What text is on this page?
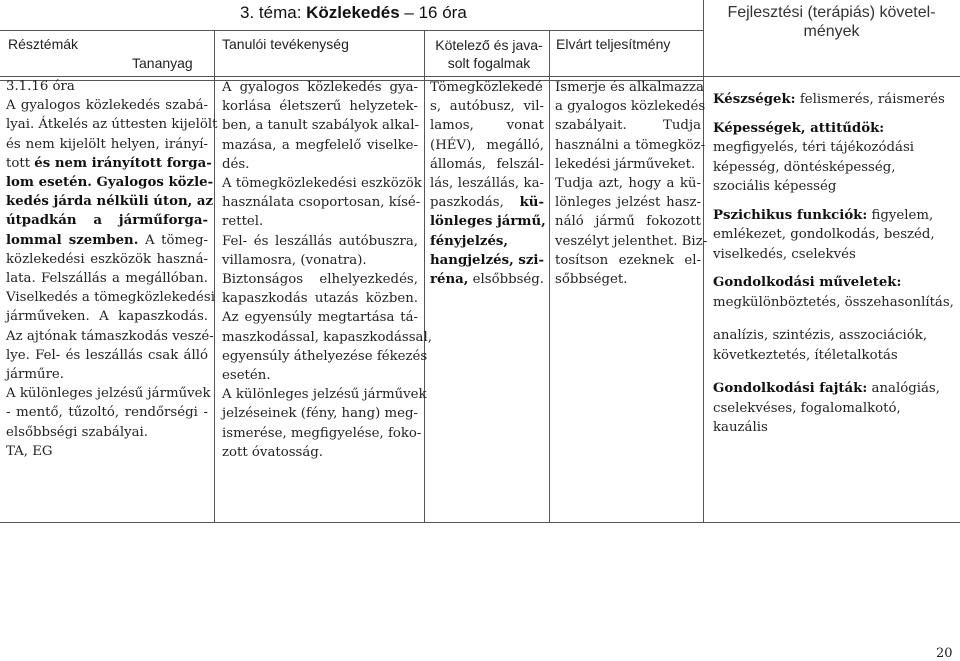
3. téma: Közlekedés – 16 óra	Fejlesztési (terápiás) követel-
mények
Résztémák
Tananyag
Tanulói tevékenység	Kötelező és java-
solt fogalmak
Elvárt teljesítmény
3.1.16 óra
A gyalogos közlekedés szabá-
lyai. Átkelés az úttesten kijelölt
és nem kijelölt helyen, irányí-
tott és nem irányított forga-
lom esetén. Gyalogos közle-
kedés járda nélküli úton, az
útpadkán a járműforga-
lommal szemben. A tömeg-
közlekedési eszközök haszná-
lata. Felszállás a megállóban.
Viselkedés a tömegközlekedési
járműveken. A kapaszkodás.
Az ajtónak támaszkodás veszé-
lye. Fel- és leszállás csak álló
járműre.
A különleges jelzésű járművek
- mentő, tűzoltó, rendőrségi -
elsőbbségi szabályai.
TA, EG
A gyalogos közlekedés gya-
korlása életszerű helyzetek-
ben, a tanult szabályok alkal-
mazása, a megfelelő viselke-
dés.
A tömegközlekedési eszközök
használata csoportosan, kísé-
rettel.
Fel- és leszállás autóbuszra,
villamosra, (vonatra).
Biztonságos elhelyezkedés,
kapaszkodás utazás közben.
Az egyensúly megtartása tá-
maszkodással, kapaszkodással,
egyensúly áthelyezése fékezés
esetén.
A különleges jelzésű járművek
jelzéseinek (fény, hang) meg-
ismerése, megfigyelése, foko-
zott óvatosság.
Tömegközlekedé
s, autóbusz, vil-
lamos, vonat
(HÉV), megálló,
állomás, felszál-
lás, leszállás, ka-
paszkodás, kü-
lönleges jármű,
fényjelzés,
hangjelzés, szi-
réna, elsőbbség.
Ismerje és alkalmazza
a gyalogos közlekedés
szabályait. Tudja
használni a tömegköz-
lekedési járműveket.
Tudja azt, hogy a kü-
lönleges jelzést hasz-
náló jármű fokozott
veszélyt jelenthet. Biz-
tosítson ezeknek el-
sőbbséget.

Készségek: felismerés, ráismerés

Képességek, attitűdök: megfigyelés, téri tájékozódási képesség, döntésképesség, szociális képesség

Pszichikus funkciók: figyelem, emlékezet, gondolkodás, beszéd, viselkedés, cselekvés

Gondolkodási műveletek: megkülönböztetés, összehasonlítás,

analízis, szintézis, asszociációk, következtetés, ítéletalkotás

Gondolkodási fajták: analógiás, cselekvéses, fogalomalkotó, kauzális

20
